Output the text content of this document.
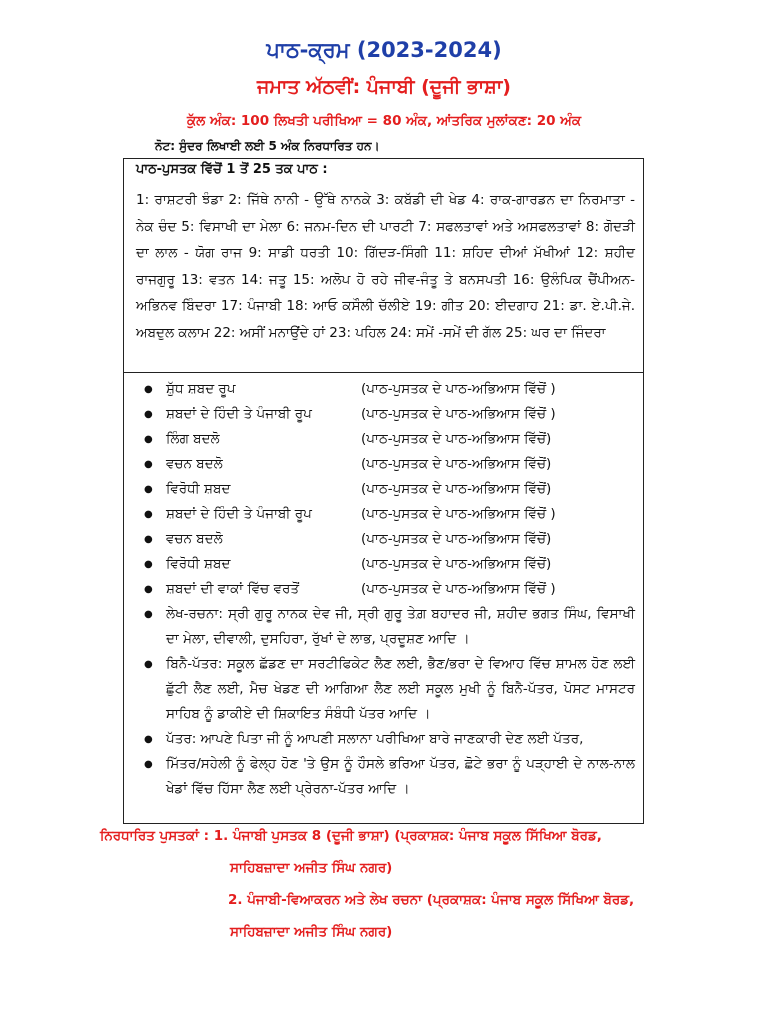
ਪਾਠ-ਕ੍ਰਮ (2023-2024)
ਜਮਾਤ ਅੱਠਵੀਂ: ਪੰਜਾਬੀ (ਦੂਜੀ ਭਾਸ਼ਾ)
ਕੁੱਲ ਅੰਕ: 100 ਲਿਖਤੀ ਪਰੀਖਿਆ = 80 ਅੰਕ, ਆਂਤਰਿਕ ਮੁਲਾਂਕਣ: 20 ਅੰਕ
ਨੋਟ: ਸੁੰਦਰ ਲਿਖਾਈ ਲਈ 5 ਅੰਕ ਨਿਰਧਾਰਿਤ ਹਨ।
ਪਾਠ-ਪੁਸਤਕ ਵਿੱਚੋਂ 1 ਤੋਂ 25 ਤਕ ਪਾਠ :
1: ਰਾਸ਼ਟਰੀ ਝੰਡਾ 2: ਜਿੱਥੇ ਨਾਨੀ - ਉੱਥੇ ਨਾਨਕੇ 3: ਕਬੱਡੀ ਦੀ ਖੇਡ 4: ਰਾਕ-ਗਾਰਡਨ ਦਾ ਨਿਰਮਾਤਾ - ਨੇਕ ਚੰਦ 5: ਵਿਸਾਖੀ ਦਾ ਮੇਲਾ 6: ਜਨਮ-ਦਿਨ ਦੀ ਪਾਰਟੀ 7: ਸਫਲਤਾਵਾਂ ਅਤੇ ਅਸਫਲਤਾਵਾਂ 8: ਗੋਦੜੀ ਦਾ ਲਾਲ - ਯੋਗ ਰਾਜ 9: ਸਾਡੀ ਧਰਤੀ 10: ਗਿੱਦੜ-ਸਿੰਗੀ 11: ਸ਼ਹਿਦ ਦੀਆਂ ਮੱਖੀਆਂ 12: ਸ਼ਹੀਦ ਰਾਜਗੁਰੂ 13: ਵਤਨ 14: ਜਤੂ 15: ਅਲੋਪ ਹੋ ਰਹੇ ਜੀਵ-ਜੰਤੂ ਤੇ ਬਨਸਪਤੀ 16: ਉਲੰਪਿਕ ਚੈਂਪੀਅਨ-ਅਭਿਨਵ ਬਿੰਦਰਾ 17: ਪੰਜਾਬੀ 18: ਆਓ ਕਸੌਲੀ ਚੱਲੀਏ 19: ਗੀਤ 20: ਈਦਗਾਹ 21: ਡਾ. ਏ.ਪੀ.ਜੇ. ਅਬਦੁਲ ਕਲਾਮ 22: ਅਸੀਂ ਮਨਾਉਂਦੇ ਹਾਂ 23: ਪਹਿਲ 24: ਸਮੇਂ -ਸਮੇਂ ਦੀ ਗੱਲ 25: ਘਰ ਦਾ ਜਿੰਦਰਾ
● ਸ਼ੁੱਧ ਸ਼ਬਦ ਰੂਪ	(ਪਾਠ-ਪੁਸਤਕ ਦੇ ਪਾਠ-ਅਭਿਆਸ ਵਿੱਚੋਂ )
● ਸ਼ਬਦਾਂ ਦੇ ਹਿੰਦੀ ਤੇ ਪੰਜਾਬੀ ਰੂਪ	(ਪਾਠ-ਪੁਸਤਕ ਦੇ ਪਾਠ-ਅਭਿਆਸ ਵਿੱਚੋਂ )
● ਲਿੰਗ ਬਦਲੋ	(ਪਾਠ-ਪੁਸਤਕ ਦੇ ਪਾਠ-ਅਭਿਆਸ ਵਿੱਚੋਂ)
● ਵਚਨ ਬਦਲੋ	(ਪਾਠ-ਪੁਸਤਕ ਦੇ ਪਾਠ-ਅਭਿਆਸ ਵਿੱਚੋਂ)
● ਵਿਰੋਧੀ ਸ਼ਬਦ	(ਪਾਠ-ਪੁਸਤਕ ਦੇ ਪਾਠ-ਅਭਿਆਸ ਵਿੱਚੋਂ)
● ਸ਼ਬਦਾਂ ਦੇ ਹਿੰਦੀ ਤੇ ਪੰਜਾਬੀ ਰੂਪ	(ਪਾਠ-ਪੁਸਤਕ ਦੇ ਪਾਠ-ਅਭਿਆਸ ਵਿੱਚੋਂ )
● ਵਚਨ ਬਦਲੋ	(ਪਾਠ-ਪੁਸਤਕ ਦੇ ਪਾਠ-ਅਭਿਆਸ ਵਿੱਚੋਂ)
● ਵਿਰੋਧੀ ਸ਼ਬਦ	(ਪਾਠ-ਪੁਸਤਕ ਦੇ ਪਾਠ-ਅਭਿਆਸ ਵਿੱਚੋਂ)
● ਸ਼ਬਦਾਂ ਦੀ ਵਾਕਾਂ ਵਿੱਚ ਵਰਤੋਂ	(ਪਾਠ-ਪੁਸਤਕ ਦੇ ਪਾਠ-ਅਭਿਆਸ ਵਿੱਚੋਂ )
● ਲੇਖ-ਰਚਨਾ: ਸ੍ਰੀ ਗੁਰੂ ਨਾਨਕ ਦੇਵ ਜੀ, ਸ੍ਰੀ ਗੁਰੂ ਤੇਗ਼ ਬਹਾਦਰ ਜੀ, ਸ਼ਹੀਦ ਭਗਤ ਸਿੰਘ, ਵਿਸਾਖੀ ਦਾ ਮੇਲਾ, ਦੀਵਾਲੀ, ਦੁਸਹਿਰਾ, ਰੁੱਖਾਂ ਦੇ ਲਾਭ, ਪ੍ਰਦੂਸ਼ਣ ਆਦਿ ।
● ਬਿਨੈ-ਪੱਤਰ: ਸਕੂਲ ਛੱਡਣ ਦਾ ਸਰਟੀਫਿਕੇਟ ਲੈਣ ਲਈ, ਭੈਣ/ਭਰਾ ਦੇ ਵਿਆਹ ਵਿੱਚ ਸ਼ਾਮਲ ਹੋਣ ਲਈ ਛੁੱਟੀ ਲੈਣ ਲਈ, ਮੈਚ ਖੇਡਣ ਦੀ ਆਗਿਆ ਲੈਣ ਲਈ ਸਕੂਲ ਮੁਖੀ ਨੂੰ ਬਿਨੈ-ਪੱਤਰ, ਪੋਸਟ ਮਾਸਟਰ ਸਾਹਿਬ ਨੂੰ ਡਾਕੀਏ ਦੀ ਸ਼ਿਕਾਇਤ ਸੰਬੰਧੀ ਪੱਤਰ ਆਦਿ ।
● ਪੱਤਰ: ਆਪਣੇ ਪਿਤਾ ਜੀ ਨੂੰ ਆਪਣੀ ਸਲਾਨਾ ਪਰੀਖਿਆ ਬਾਰੇ ਜਾਣਕਾਰੀ ਦੇਣ ਲਈ ਪੱਤਰ,
● ਮਿੱਤਰ/ਸਹੇਲੀ ਨੂੰ ਫੇਲ੍ਹ ਹੋਣ 'ਤੇ ਉਸ ਨੂੰ ਹੌਸਲੇ ਭਰਿਆ ਪੱਤਰ, ਛੋਟੇ ਭਰਾ ਨੂੰ ਪੜ੍ਹਾਈ ਦੇ ਨਾਲ-ਨਾਲ ਖੇਡਾਂ ਵਿੱਚ ਹਿੱਸਾ ਲੈਣ ਲਈ ਪ੍ਰੇਰਨਾ-ਪੱਤਰ ਆਦਿ ।
ਨਿਰਧਾਰਿਤ ਪੁਸਤਕਾਂ : 1. ਪੰਜਾਬੀ ਪੁਸਤਕ 8 (ਦੂਜੀ ਭਾਸ਼ਾ) (ਪ੍ਰਕਾਸ਼ਕ: ਪੰਜਾਬ ਸਕੂਲ ਸਿੱਖਿਆ ਬੋਰਡ,
ਸਾਹਿਬਜ਼ਾਦਾ ਅਜੀਤ ਸਿੰਘ ਨਗਰ)
2. ਪੰਜਾਬੀ-ਵਿਆਕਰਨ ਅਤੇ ਲੇਖ ਰਚਨਾ (ਪ੍ਰਕਾਸ਼ਕ: ਪੰਜਾਬ ਸਕੂਲ ਸਿੱਖਿਆ ਬੋਰਡ,
ਸਾਹਿਬਜ਼ਾਦਾ ਅਜੀਤ ਸਿੰਘ ਨਗਰ)
